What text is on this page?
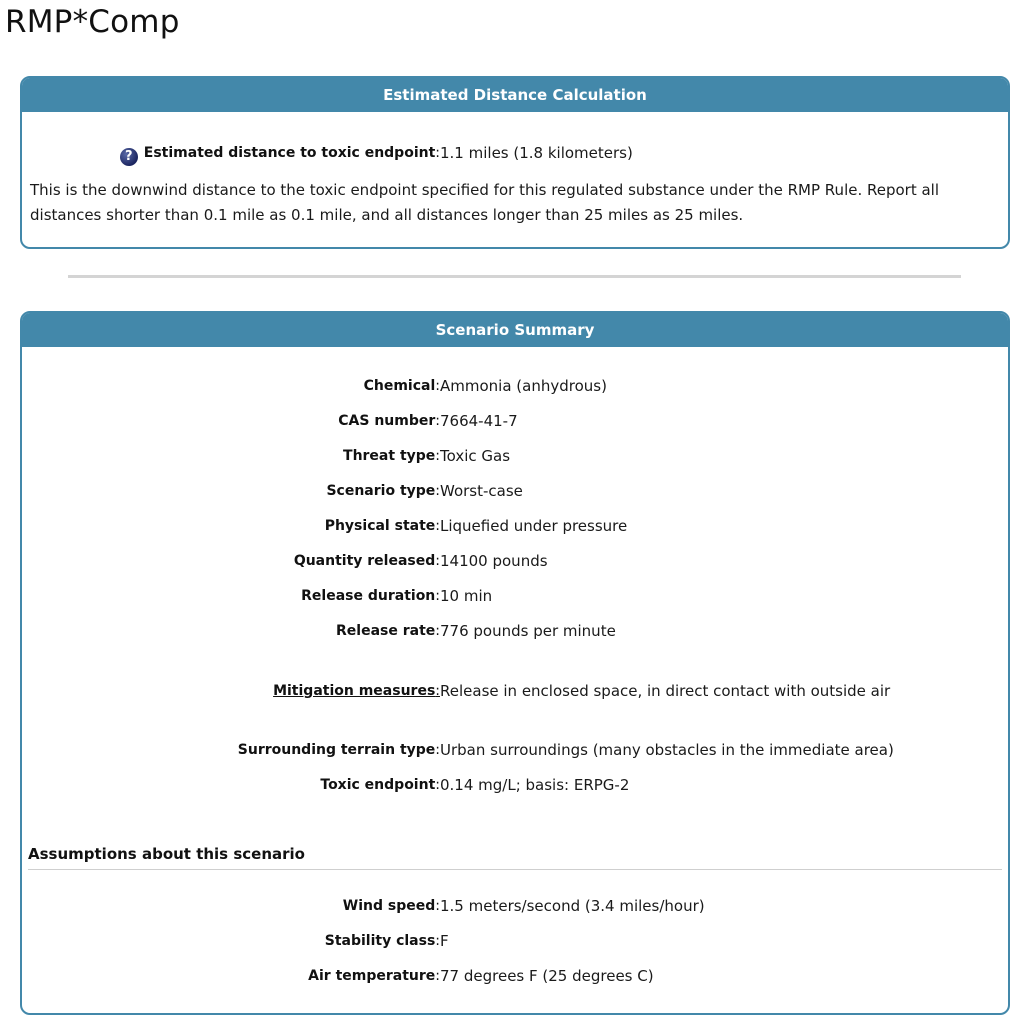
RMP*Comp
Estimated Distance Calculation
? Estimated distance to toxic endpoint: 1.1 miles (1.8 kilometers)
This is the downwind distance to the toxic endpoint specified for this regulated substance under the RMP Rule. Report all distances shorter than 0.1 mile as 0.1 mile, and all distances longer than 25 miles as 25 miles.
Scenario Summary
Chemical: Ammonia (anhydrous)
CAS number: 7664-41-7
Threat type: Toxic Gas
Scenario type: Worst-case
Physical state: Liquefied under pressure
Quantity released: 14100 pounds
Release duration: 10 min
Release rate: 776 pounds per minute
Mitigation measures: Release in enclosed space, in direct contact with outside air
Surrounding terrain type: Urban surroundings (many obstacles in the immediate area)
Toxic endpoint: 0.14 mg/L; basis: ERPG-2
Assumptions about this scenario
Wind speed: 1.5 meters/second (3.4 miles/hour)
Stability class: F
Air temperature: 77 degrees F (25 degrees C)
